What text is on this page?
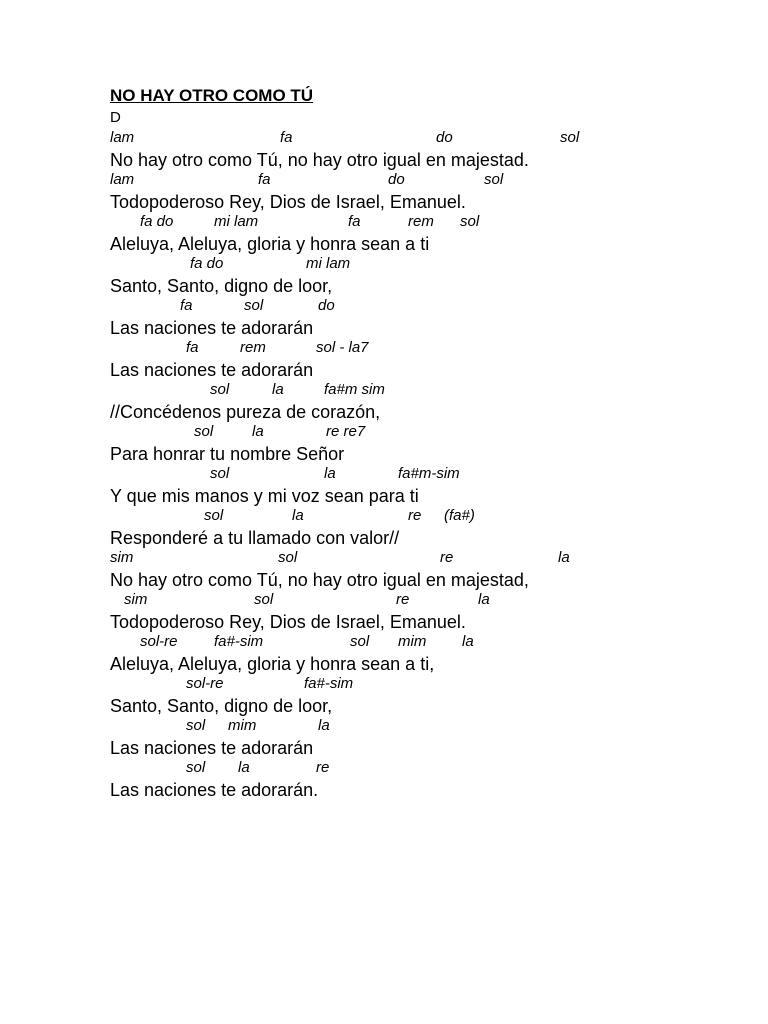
NO HAY OTRO COMO TÚ
D
lam	fa	do	sol
No hay otro como Tú, no hay otro igual en majestad.
lam	fa	do	sol
Todopoderoso Rey, Dios de Israel, Emanuel.
fa do	mi lam	fa	rem sol
Aleluya, Aleluya, gloria y honra sean a ti
fa do	mi lam
Santo, Santo, digno de loor,
fa	sol	do
Las naciones te adorarán
fa	rem	sol - la7
Las naciones te adorarán
sol	la	fa#m sim
//Concédenos pureza de corazón,
sol	la	re re7
Para honrar tu nombre Señor
sol	la	fa#m-sim
Y que mis manos y mi voz sean para ti
sol	la	re (fa#)
Responderé a tu llamado con valor//
sim	sol	re	la
No hay otro como Tú, no hay otro igual en majestad,
sim	sol	re	la
Todopoderoso Rey, Dios de Israel, Emanuel.
sol-re fa#-sim	sol mim la
Aleluya, Aleluya, gloria y honra sean a ti,
sol-re	fa#-sim
Santo, Santo, digno de loor,
sol mim	la
Las naciones te adorarán
sol la	re
Las naciones te adorarán.
